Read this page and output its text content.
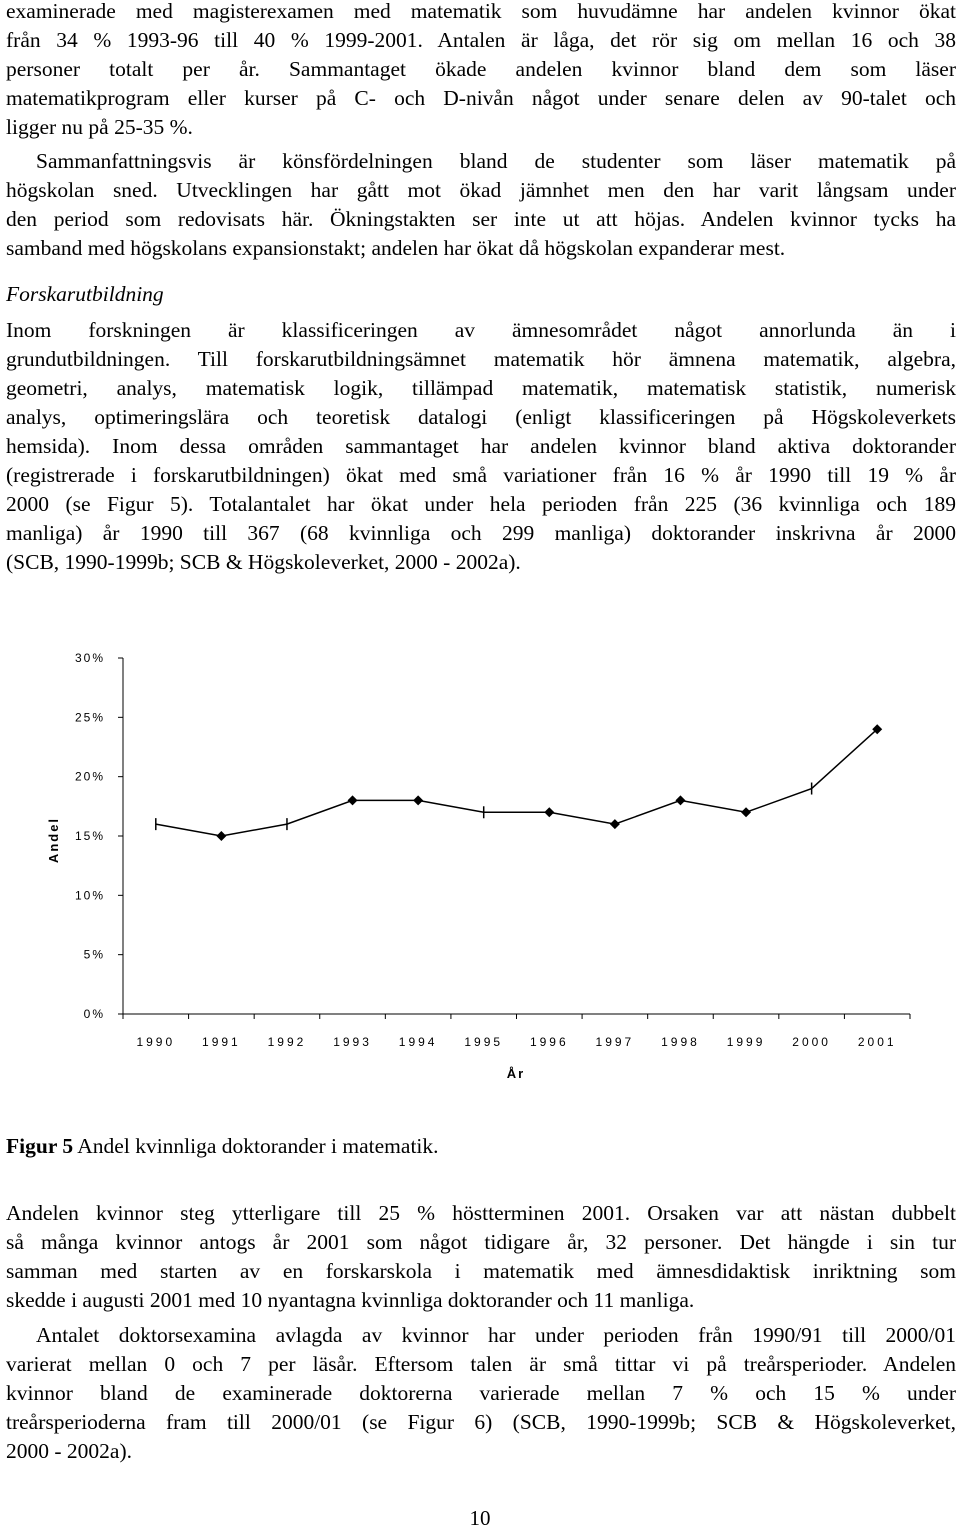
examinerade med magisterexamen med matematik som huvudämne har andelen kvinnor ökat
från 34 % 1993-96 till 40 % 1999-2001. Antalen är låga, det rör sig om mellan 16 och 38
personer totalt per år. Sammantaget ökade andelen kvinnor bland dem som läser
matematikprogram eller kurser på C- och D-nivån något under senare delen av 90-talet och
ligger nu på 25-35 %.
Sammanfattningsvis är könsfördelningen bland de studenter som läser matematik på
högskolan sned. Utvecklingen har gått mot ökad jämnhet men den har varit långsam under
den period som redovisats här. Ökningstakten ser inte ut att höjas. Andelen kvinnor tycks ha
samband med högskolans expansionstakt; andelen har ökat då högskolan expanderar mest.

Forskarutbildning

Inom forskningen är klassificeringen av ämnesområdet något annorlunda än i
grundutbildningen. Till forskarutbildningsämnet matematik hör ämnena matematik, algebra,
geometri, analys, matematisk logik, tillämpad matematik, matematisk statistik, numerisk
analys, optimeringslära och teoretisk datalogi (enligt klassificeringen på Högskoleverkets
hemsida). Inom dessa områden sammantaget har andelen kvinnor bland aktiva doktorander
(registrerade i forskarutbildningen) ökat med små variationer från 16 % år 1990 till 19 % år
2000 (se Figur 5). Totalantalet har ökat under hela perioden från 225 (36 kvinnliga och 189
manliga) år 1990 till 367 (68 kvinnliga och 299 manliga) doktorander inskrivna år 2000
(SCB, 1990-1999b; SCB & Högskoleverket, 2000 - 2002a).
0%
5%
10%
15%
20%
25%
30%
1990 1991 1992 1993 1994 1995 1996 1997 1998 1999 2000 2001
Andel
År

Figur 5 Andel kvinnliga doktorander i matematik.

Andelen kvinnor steg ytterligare till 25 % höstterminen 2001. Orsaken var att nästan dubbelt
så många kvinnor antogs år 2001 som något tidigare år, 32 personer. Det hängde i sin tur
samman med starten av en forskarskola i matematik med ämnesdidaktisk inriktning som
skedde i augusti 2001 med 10 nyantagna kvinnliga doktorander och 11 manliga.
Antalet doktorsexamina avlagda av kvinnor har under perioden från 1990/91 till 2000/01
varierat mellan 0 och 7 per läsår. Eftersom talen är små tittar vi på treårsperioder. Andelen
kvinnor bland de examinerade doktorerna varierade mellan 7 % och 15 % under
treårsperioderna fram till 2000/01 (se Figur 6) (SCB, 1990-1999b; SCB & Högskoleverket,
2000 - 2002a).

10
